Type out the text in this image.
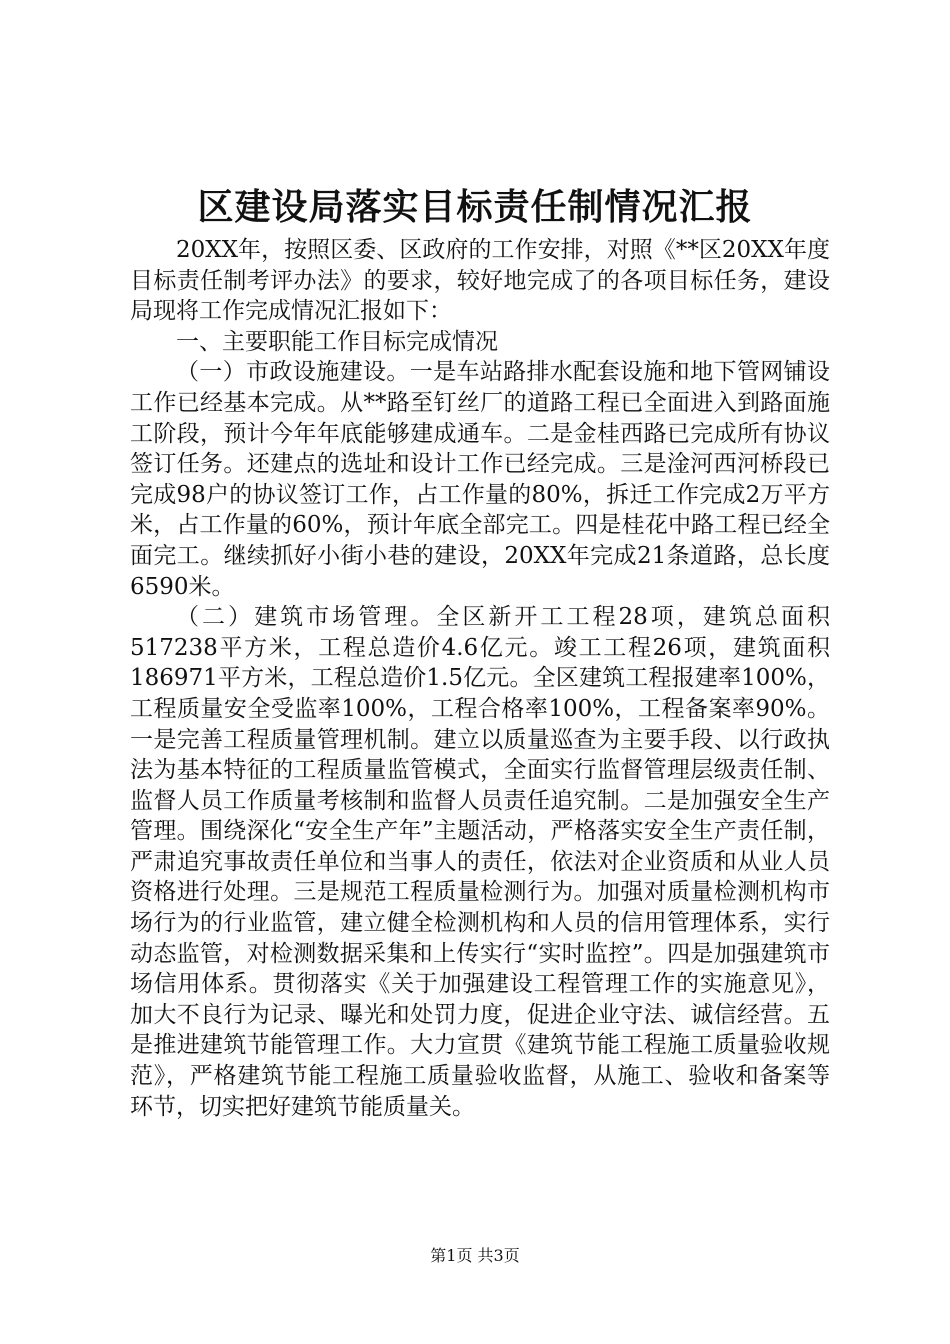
区建设局落实目标责任制情况汇报

20XX年，按照区委、区政府的工作安排，对照《**区20XX年度目标责任制考评办法》的要求，较好地完成了的各项目标任务，建设局现将工作完成情况汇报如下：

一、主要职能工作目标完成情况

（一）市政设施建设。一是车站路排水配套设施和地下管网铺设工作已经基本完成。从**路至钉丝厂的道路工程已全面进入到路面施工阶段，预计今年年底能够建成通车。二是金桂西路已完成所有协议签订任务。还建点的选址和设计工作已经完成。三是淦河西河桥段已完成98户的协议签订工作，占工作量的80%，拆迁工作完成2万平方米，占工作量的60%，预计年底全部完工。四是桂花中路工程已经全面完工。继续抓好小街小巷的建设，20XX年完成21条道路，总长度6590米。

（二）建筑市场管理。全区新开工工程28项，建筑总面积517238平方米，工程总造价4.6亿元。竣工工程26项，建筑面积186971平方米，工程总造价1.5亿元。全区建筑工程报建率100%，工程质量安全受监率100%，工程合格率100%，工程备案率90%。一是完善工程质量管理机制。建立以质量巡查为主要手段、以行政执法为基本特征的工程质量监管模式，全面实行监督管理层级责任制、监督人员工作质量考核制和监督人员责任追究制。二是加强安全生产管理。围绕深化“安全生产年”主题活动，严格落实安全生产责任制，严肃追究事故责任单位和当事人的责任，依法对企业资质和从业人员资格进行处理。三是规范工程质量检测行为。加强对质量检测机构市场行为的行业监管，建立健全检测机构和人员的信用管理体系，实行动态监管，对检测数据采集和上传实行“实时监控”。四是加强建筑市场信用体系。贯彻落实《关于加强建设工程管理工作的实施意见》，加大不良行为记录、曝光和处罚力度，促进企业守法、诚信经营。五是推进建筑节能管理工作。大力宣贯《建筑节能工程施工质量验收规范》，严格建筑节能工程施工质量验收监督，从施工、验收和备案等环节，切实把好建筑节能质量关。

第1页 共3页
